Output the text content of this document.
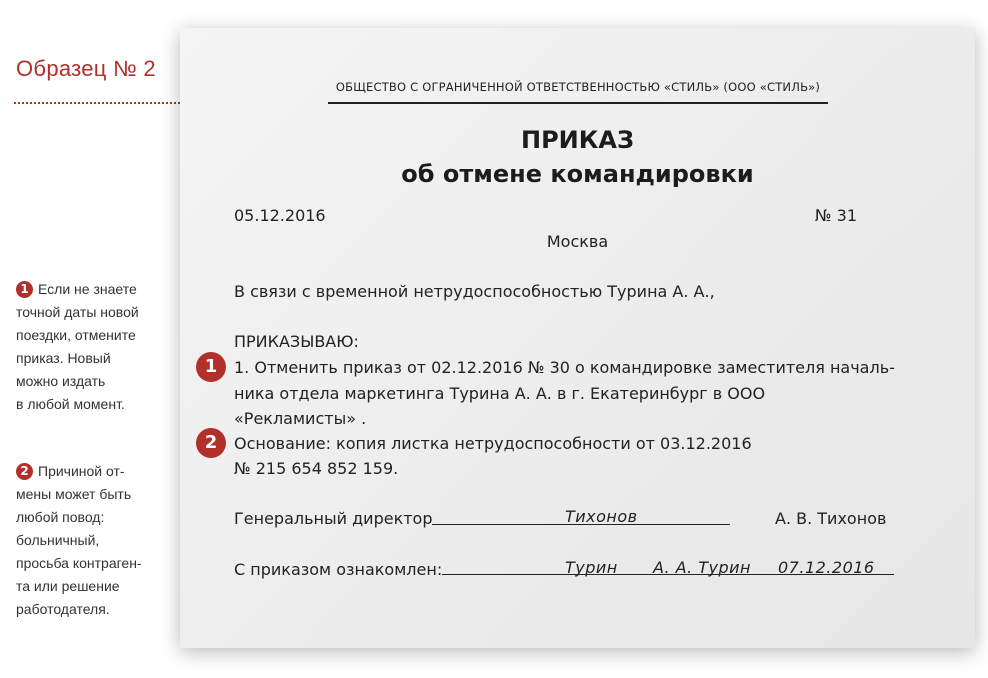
Образец № 2
1 Если не знаете
точной даты новой
поездки, отмените
приказ. Новый
можно издать
в любой момент.
2 Причиной от-
мены может быть
любой повод:
больничный,
просьба контраген-
та или решение
работодателя.
ОБЩЕСТВО С ОГРАНИЧЕННОЙ ОТВЕТСТВЕННОСТЬЮ «СТИЛЬ» (ООО «СТИЛЬ»)
ПРИКАЗ
об отмене командировки
05.12.2016	№ 31
Москва
В связи с временной нетрудоспособностью Турина А. А.,
ПРИКАЗЫВАЮ:
1	1. Отменить приказ от 02.12.2016 № 30 о командировке заместителя началь-
ника отдела маркетинга Турина А. А. в г. Екатеринбург в ООО
«Рекламисты» .
2	Основание: копия листка нетрудоспособности от 03.12.2016
№ 215 654 852 159.
Генеральный директор	Тихонов	А. В. Тихонов
С приказом ознакомлен:	Турин А. А. Турин 07.12.2016
